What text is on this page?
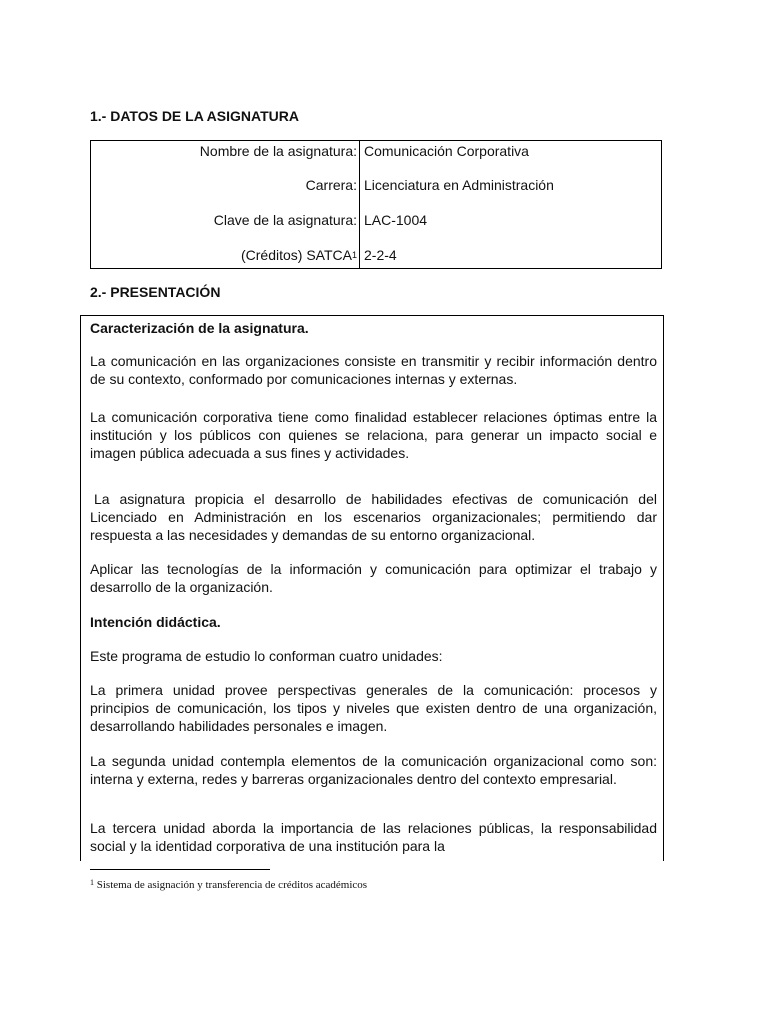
1.- DATOS DE LA ASIGNATURA
Nombre de la asignatura:	Comunicación Corporativa
Carrera:	Licenciatura en Administración
Clave de la asignatura:	LAC-1004
(Créditos) SATCA$^1$	2-2-4
2.- PRESENTACIÓN

Caracterización de la asignatura.

La comunicación en las organizaciones consiste en transmitir y recibir información dentro de su contexto, conformado por comunicaciones internas y externas.

La comunicación corporativa tiene como finalidad establecer relaciones óptimas entre la institución y los públicos con quienes se relaciona, para generar un impacto social e imagen pública adecuada a sus fines y actividades.

La asignatura propicia el desarrollo de habilidades efectivas de comunicación del Licenciado en Administración en los escenarios organizacionales; permitiendo dar respuesta a las necesidades y demandas de su entorno organizacional.

Aplicar las tecnologías de la información y comunicación para optimizar el trabajo y desarrollo de la organización.

Intención didáctica.

Este programa de estudio lo conforman cuatro unidades:

La primera unidad provee perspectivas generales de la comunicación: procesos y principios de comunicación, los tipos y niveles que existen dentro de una organización, desarrollando habilidades personales e imagen.

La segunda unidad contempla elementos de la comunicación organizacional como son: interna y externa, redes y barreras organizacionales dentro del contexto empresarial.

La tercera unidad aborda la importancia de las relaciones públicas, la responsabilidad social y la identidad corporativa de una institución para la

$^1$ Sistema de asignación y transferencia de créditos académicos
